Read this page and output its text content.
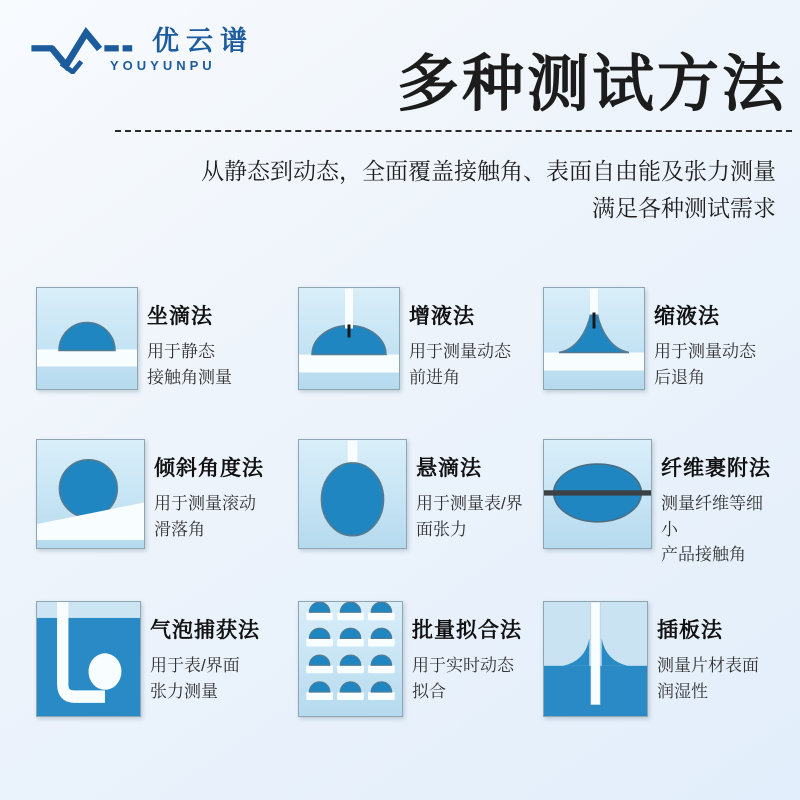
优云谱
YOUYUNPU	多种测试方法
从静态到动态，全面覆盖接触角、表面自由能及张力测量
满足各种测试需求
坐滴法

用于静态
接触角测量

增液法

用于测量动态
前进角

缩液法

用于测量动态
后退角

倾斜角度法

用于测量滚动
滑落角

悬滴法

用于测量表/界
面张力

纤维裹附法

测量纤维等细小
产品接触角

气泡捕获法

用于表/界面
张力测量

批量拟合法

用于实时动态
拟合

插板法

测量片材表面
润湿性
